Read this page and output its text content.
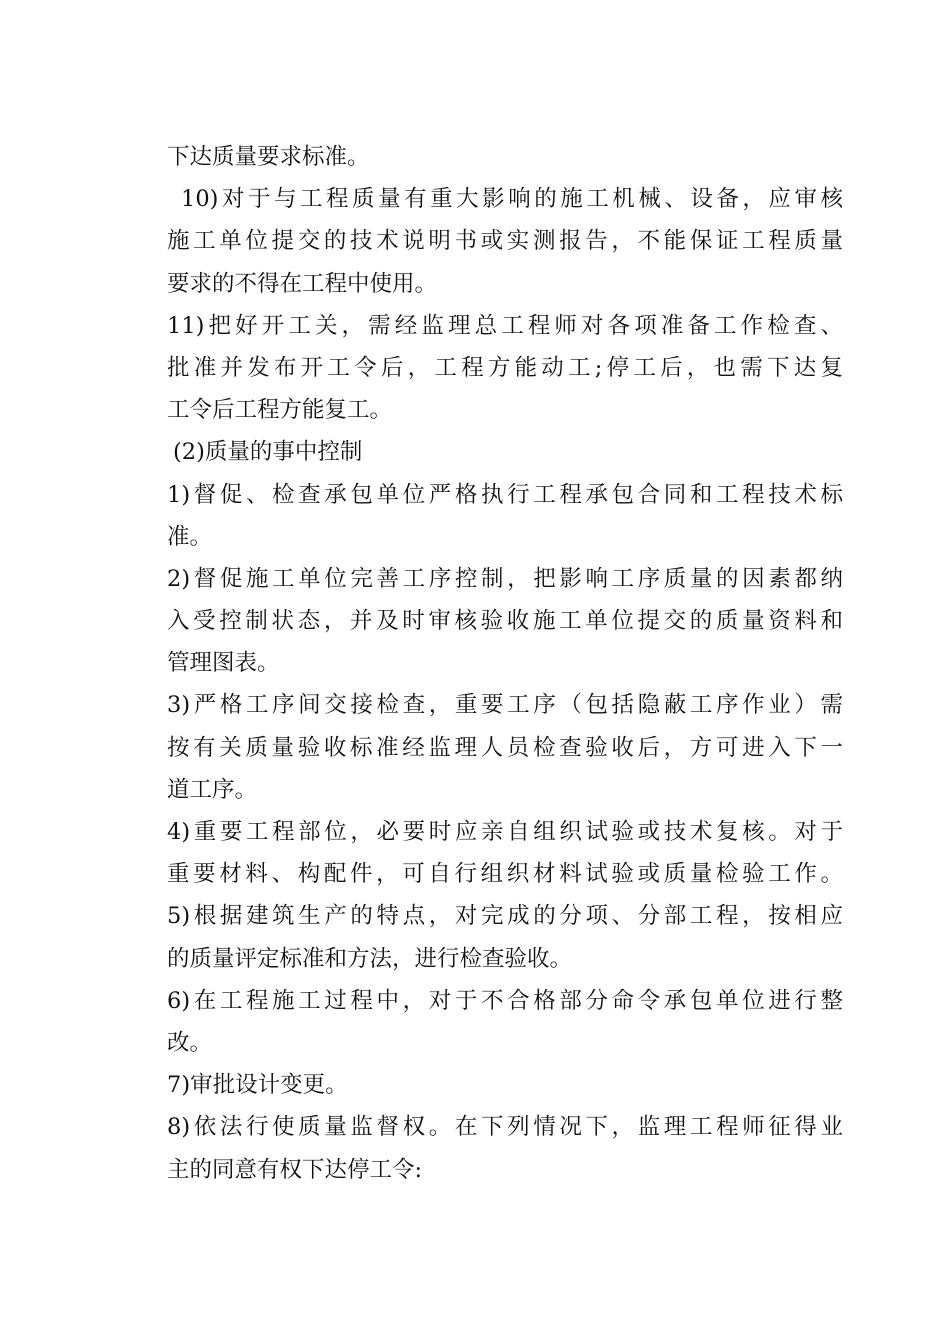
下达质量要求标准。
10)对于与工程质量有重大影响的施工机械、设备，应审核
施工单位提交的技术说明书或实测报告，不能保证工程质量
要求的不得在工程中使用。
11)把好开工关，需经监理总工程师对各项准备工作检查、
批准并发布开工令后，工程方能动工;停工后，也需下达复
工令后工程方能复工。
(2)质量的事中控制
1)督促、检查承包单位严格执行工程承包合同和工程技术标
准。
2)督促施工单位完善工序控制，把影响工序质量的因素都纳
入受控制状态，并及时审核验收施工单位提交的质量资料和
管理图表。
3)严格工序间交接检查，重要工序（包括隐蔽工序作业）需
按有关质量验收标准经监理人员检查验收后，方可进入下一
道工序。
4)重要工程部位，必要时应亲自组织试验或技术复核。对于
重要材料、构配件，可自行组织材料试验或质量检验工作。
5)根据建筑生产的特点，对完成的分项、分部工程，按相应
的质量评定标准和方法，进行检查验收。
6)在工程施工过程中，对于不合格部分命令承包单位进行整
改。
7)审批设计变更。
8)依法行使质量监督权。在下列情况下，监理工程师征得业
主的同意有权下达停工令:
